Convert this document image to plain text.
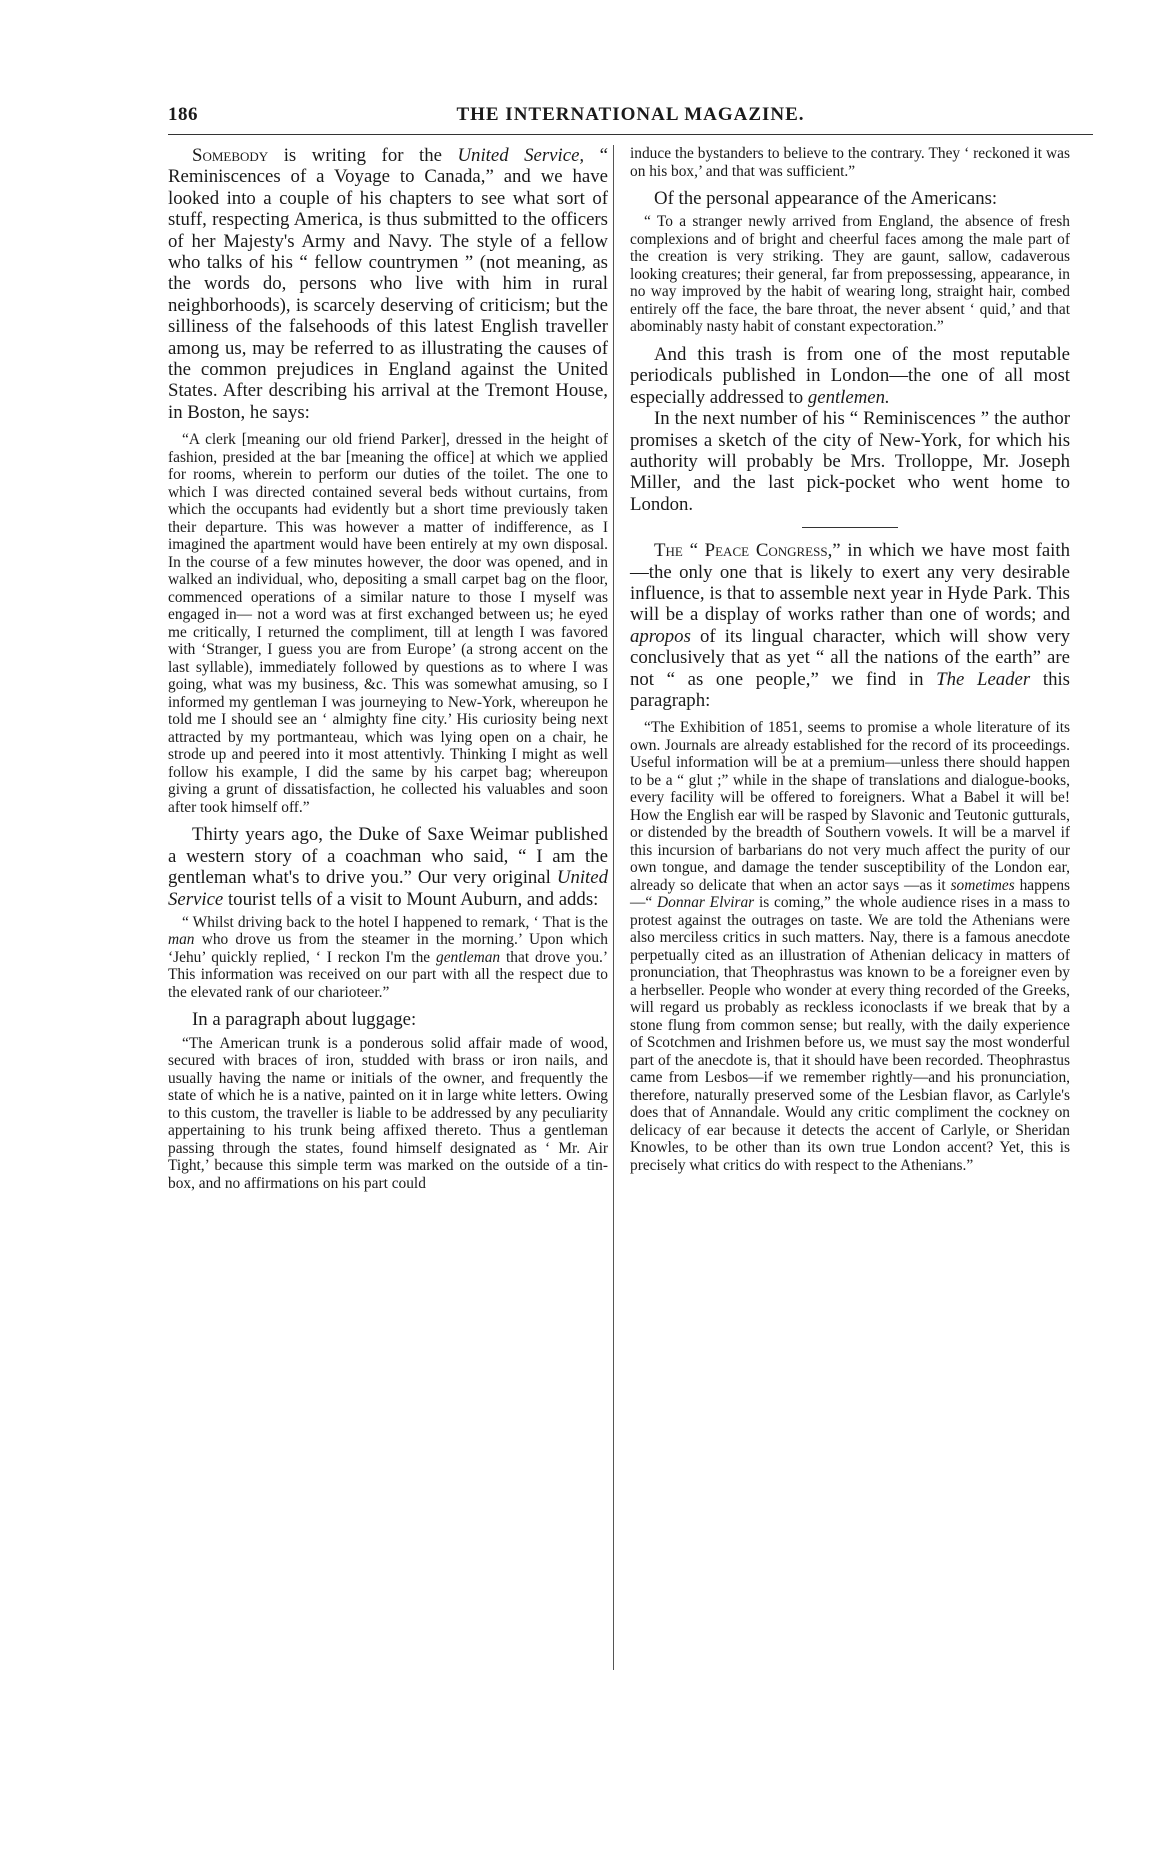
186	THE INTERNATIONAL MAGAZINE.

Somebody is writing for the United Service, “ Reminiscences of a Voyage to Canada,” and we have looked into a couple of his chapters to see what sort of stuff, respecting America, is thus submitted to the officers of her Majesty's Army and Navy. The style of a fellow who talks of his “ fellow countrymen ” (not meaning, as the words do, persons who live with him in rural neighborhoods), is scarcely deserving of criticism; but the silliness of the falsehoods of this latest English traveller among us, may be referred to as illustrating the causes of the common prejudices in England against the United States. After describing his arrival at the Tremont House, in Boston, he says:

“A clerk [meaning our old friend Parker], dressed in the height of fashion, presided at the bar [meaning the office] at which we applied for rooms, wherein to perform our duties of the toilet. The one to which I was directed contained several beds without curtains, from which the occupants had evidently but a short time previously taken their departure. This was however a matter of indifference, as I imagined the apartment would have been entirely at my own disposal. In the course of a few minutes however, the door was opened, and in walked an individual, who, depositing a small carpet bag on the floor, commenced operations of a similar nature to those I myself was engaged in— not a word was at first exchanged between us; he eyed me critically, I returned the compliment, till at length I was favored with ‘Stranger, I guess you are from Europe’ (a strong accent on the last syllable), immediately followed by questions as to where I was going, what was my business, &c. This was somewhat amusing, so I informed my gentleman I was journeying to New-York, whereupon he told me I should see an ‘ almighty fine city.’ His curiosity being next attracted by my portmanteau, which was lying open on a chair, he strode up and peered into it most attentivly. Thinking I might as well follow his example, I did the same by his carpet bag; whereupon giving a grunt of dissatisfaction, he collected his valuables and soon after took himself off.”

Thirty years ago, the Duke of Saxe Weimar published a western story of a coachman who said, “ I am the gentleman what's to drive you.” Our very original United Service tourist tells of a visit to Mount Auburn, and adds:

“ Whilst driving back to the hotel I happened to remark, ‘ That is the man who drove us from the steamer in the morning.’ Upon which ‘Jehu’ quickly replied, ‘ I reckon I'm the gentleman that drove you.’ This information was received on our part with all the respect due to the elevated rank of our charioteer.”

In a paragraph about luggage:

“The American trunk is a ponderous solid affair made of wood, secured with braces of iron, studded with brass or iron nails, and usually having the name or initials of the owner, and frequently the state of which he is a native, painted on it in large white letters. Owing to this custom, the traveller is liable to be addressed by any peculiarity appertaining to his trunk being affixed thereto. Thus a gentleman passing through the states, found himself designated as ‘ Mr. Air Tight,’ because this simple term was marked on the outside of a tin-box, and no affirmations on his part could

induce the bystanders to believe to the contrary. They ‘ reckoned it was on his box,’ and that was sufficient.”

Of the personal appearance of the Americans:

“ To a stranger newly arrived from England, the absence of fresh complexions and of bright and cheerful faces among the male part of the creation is very striking. They are gaunt, sallow, cadaverous looking creatures; their general, far from prepossessing, appearance, in no way improved by the habit of wearing long, straight hair, combed entirely off the face, the bare throat, the never absent ‘ quid,’ and that abominably nasty habit of constant expectoration.”

And this trash is from one of the most reputable periodicals published in London—the one of all most especially addressed to gentlemen.

In the next number of his “ Reminiscences ” the author promises a sketch of the city of New-York, for which his authority will probably be Mrs. Trolloppe, Mr. Joseph Miller, and the last pick-pocket who went home to London.

The “ Peace Congress,” in which we have most faith—the only one that is likely to exert any very desirable influence, is that to assemble next year in Hyde Park. This will be a display of works rather than one of words; and apropos of its lingual character, which will show very conclusively that as yet “ all the nations of the earth” are not “ as one people,” we find in The Leader this paragraph:

“The Exhibition of 1851, seems to promise a whole literature of its own. Journals are already established for the record of its proceedings. Useful information will be at a premium—unless there should happen to be a “ glut ;” while in the shape of translations and dialogue-books, every facility will be offered to foreigners. What a Babel it will be! How the English ear will be rasped by Slavonic and Teutonic gutturals, or distended by the breadth of Southern vowels. It will be a marvel if this incursion of barbarians do not very much affect the purity of our own tongue, and damage the tender susceptibility of the London ear, already so delicate that when an actor says —as it sometimes happens—“ Donnar Elvirar is coming,” the whole audience rises in a mass to protest against the outrages on taste. We are told the Athenians were also merciless critics in such matters. Nay, there is a famous anecdote perpetually cited as an illustration of Athenian delicacy in matters of pronunciation, that Theophrastus was known to be a foreigner even by a herbseller. People who wonder at every thing recorded of the Greeks, will regard us probably as reckless iconoclasts if we break that by a stone flung from common sense; but really, with the daily experience of Scotchmen and Irishmen before us, we must say the most wonderful part of the anecdote is, that it should have been recorded. Theophrastus came from Lesbos—if we remember rightly—and his pronunciation, therefore, naturally preserved some of the Lesbian flavor, as Carlyle's does that of Annandale. Would any critic compliment the cockney on delicacy of ear because it detects the accent of Carlyle, or Sheridan Knowles, to be other than its own true London accent? Yet, this is precisely what critics do with respect to the Athenians.”
